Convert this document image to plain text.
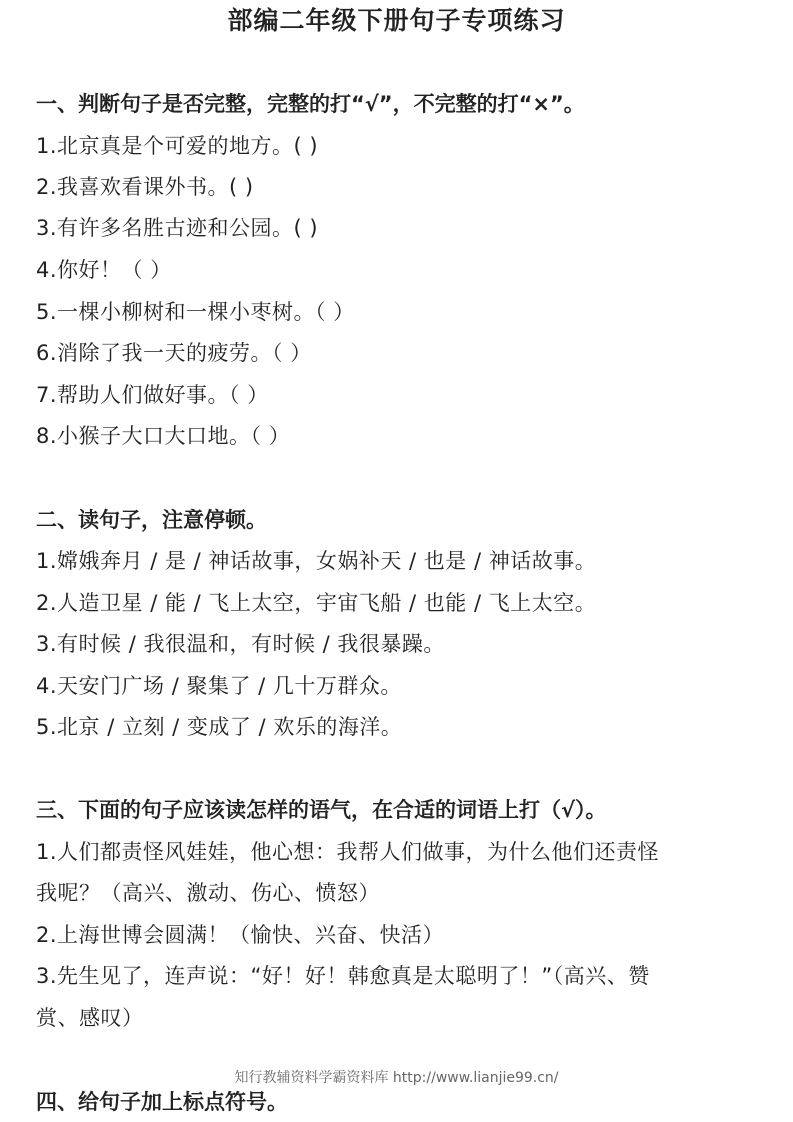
部编二年级下册句子专项练习
一、判断句子是否完整，完整的打“√”，不完整的打“×”。
1.北京真是个可爱的地方。( )
2.我喜欢看课外书。( )
3.有许多名胜古迹和公园。( )
4.你好！（ ）
5.一棵小柳树和一棵小枣树。（ ）
6.消除了我一天的疲劳。（ ）
7.帮助人们做好事。（ ）
8.小猴子大口大口地。（ ）
二、读句子，注意停顿。
1.嫦娥奔月 / 是 / 神话故事，女娲补天 / 也是 / 神话故事。
2.人造卫星 / 能 / 飞上太空，宇宙飞船 / 也能 / 飞上太空。
3.有时候 / 我很温和，有时候 / 我很暴躁。
4.天安门广场 / 聚集了 / 几十万群众。
5.北京 / 立刻 / 变成了 / 欢乐的海洋。
三、下面的句子应该读怎样的语气，在合适的词语上打（√）。
1.人们都责怪风娃娃，他心想：我帮人们做事，为什么他们还责怪
我呢？（高兴、激动、伤心、愤怒）
2.上海世博会圆满！（愉快、兴奋、快活）
3.先生见了，连声说：“好！好！韩愈真是太聪明了！”（高兴、赞
赏、感叹）
知行教辅资料学霸资料库 http://www.lianjie99.cn/
四、给句子加上标点符号。
